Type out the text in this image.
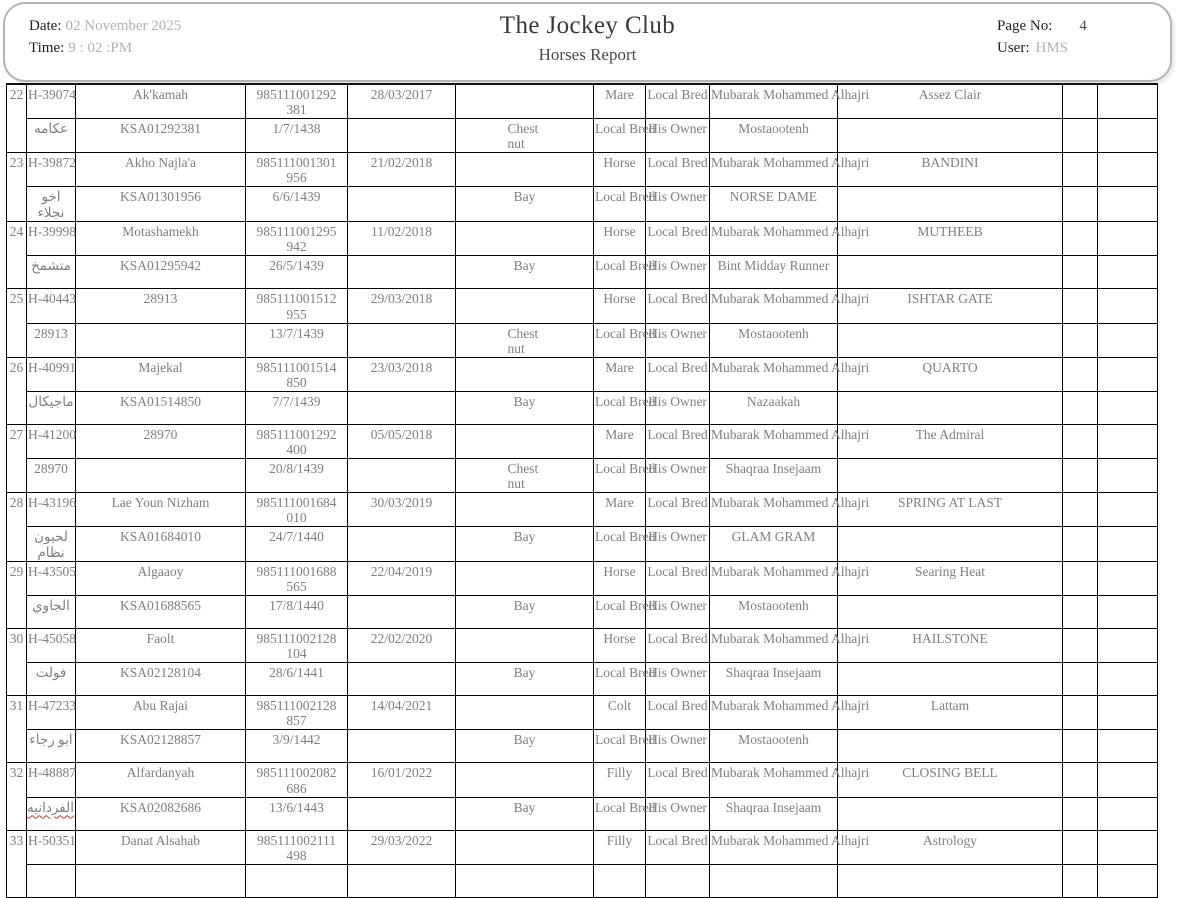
Date: 02 November 2025
Time: 9 : 02 :PM
The Jockey Club
Horses Report
Page No: 4
User: HMS
22	H-39074	Ak'kamah	985111001292381	28/03/2017		Mare	Local Bred	Mubarak Mohammed Alhajri	Assez Clair		
	عكامه	KSA01292381	1/7/1438		Chestnut	Local Bred	His Owner	Mostaootenh			
23	H-39872	Akho Najla'a	985111001301956	21/02/2018		Horse	Local Bred	Mubarak Mohammed Alhajri	BANDINI		
	اخو نجلاء	KSA01301956	6/6/1439		Bay	Local Bred	His Owner	NORSE DAME			
24	H-39998	Motashamekh	985111001295942	11/02/2018		Horse	Local Bred	Mubarak Mohammed Alhajri	MUTHEEB		
	متشمخ	KSA01295942	26/5/1439		Bay	Local Bred	His Owner	Bint Midday Runner			
25	H-40443	28913	985111001512955	29/03/2018		Horse	Local Bred	Mubarak Mohammed Alhajri	ISHTAR GATE		
	28913		13/7/1439		Chestnut	Local Bred	His Owner	Mostaootenh			
26	H-40991	Majekal	985111001514850	23/03/2018		Mare	Local Bred	Mubarak Mohammed Alhajri	QUARTO		
	ماجيكال	KSA01514850	7/7/1439		Bay	Local Bred	His Owner	Nazaakah			
27	H-41200	28970	985111001292400	05/05/2018		Mare	Local Bred	Mubarak Mohammed Alhajri	The Admiral		
	28970		20/8/1439		Chestnut	Local Bred	His Owner	Shaqraa Insejaam			
28	H-43196	Lae Youn Nizham	985111001684010	30/03/2019		Mare	Local Bred	Mubarak Mohammed Alhajri	SPRING AT LAST		
	لحيون نظام	KSA01684010	24/7/1440		Bay	Local Bred	His Owner	GLAM GRAM			
29	H-43505	Algaaoy	985111001688565	22/04/2019		Horse	Local Bred	Mubarak Mohammed Alhajri	Searing Heat		
	الجاوي	KSA01688565	17/8/1440		Bay	Local Bred	His Owner	Mostaootenh			
30	H-45058	Faolt	985111002128104	22/02/2020		Horse	Local Bred	Mubarak Mohammed Alhajri	HAILSTONE		
	فولت	KSA02128104	28/6/1441		Bay	Local Bred	His Owner	Shaqraa Insejaam			
31	H-47233	Abu Rajai	985111002128857	14/04/2021		Colt	Local Bred	Mubarak Mohammed Alhajri	Lattam		
	ابو رجاء	KSA02128857	3/9/1442		Bay	Local Bred	His Owner	Mostaootenh			
32	H-48887	Alfardanyah	985111002082686	16/01/2022		Filly	Local Bred	Mubarak Mohammed Alhajri	CLOSING BELL		
	الفردانيه	KSA02082686	13/6/1443		Bay	Local Bred	His Owner	Shaqraa Insejaam			
33	H-50351	Danat Alsahab	985111002111498	29/03/2022		Filly	Local Bred	Mubarak Mohammed Alhajri	Astrology		
